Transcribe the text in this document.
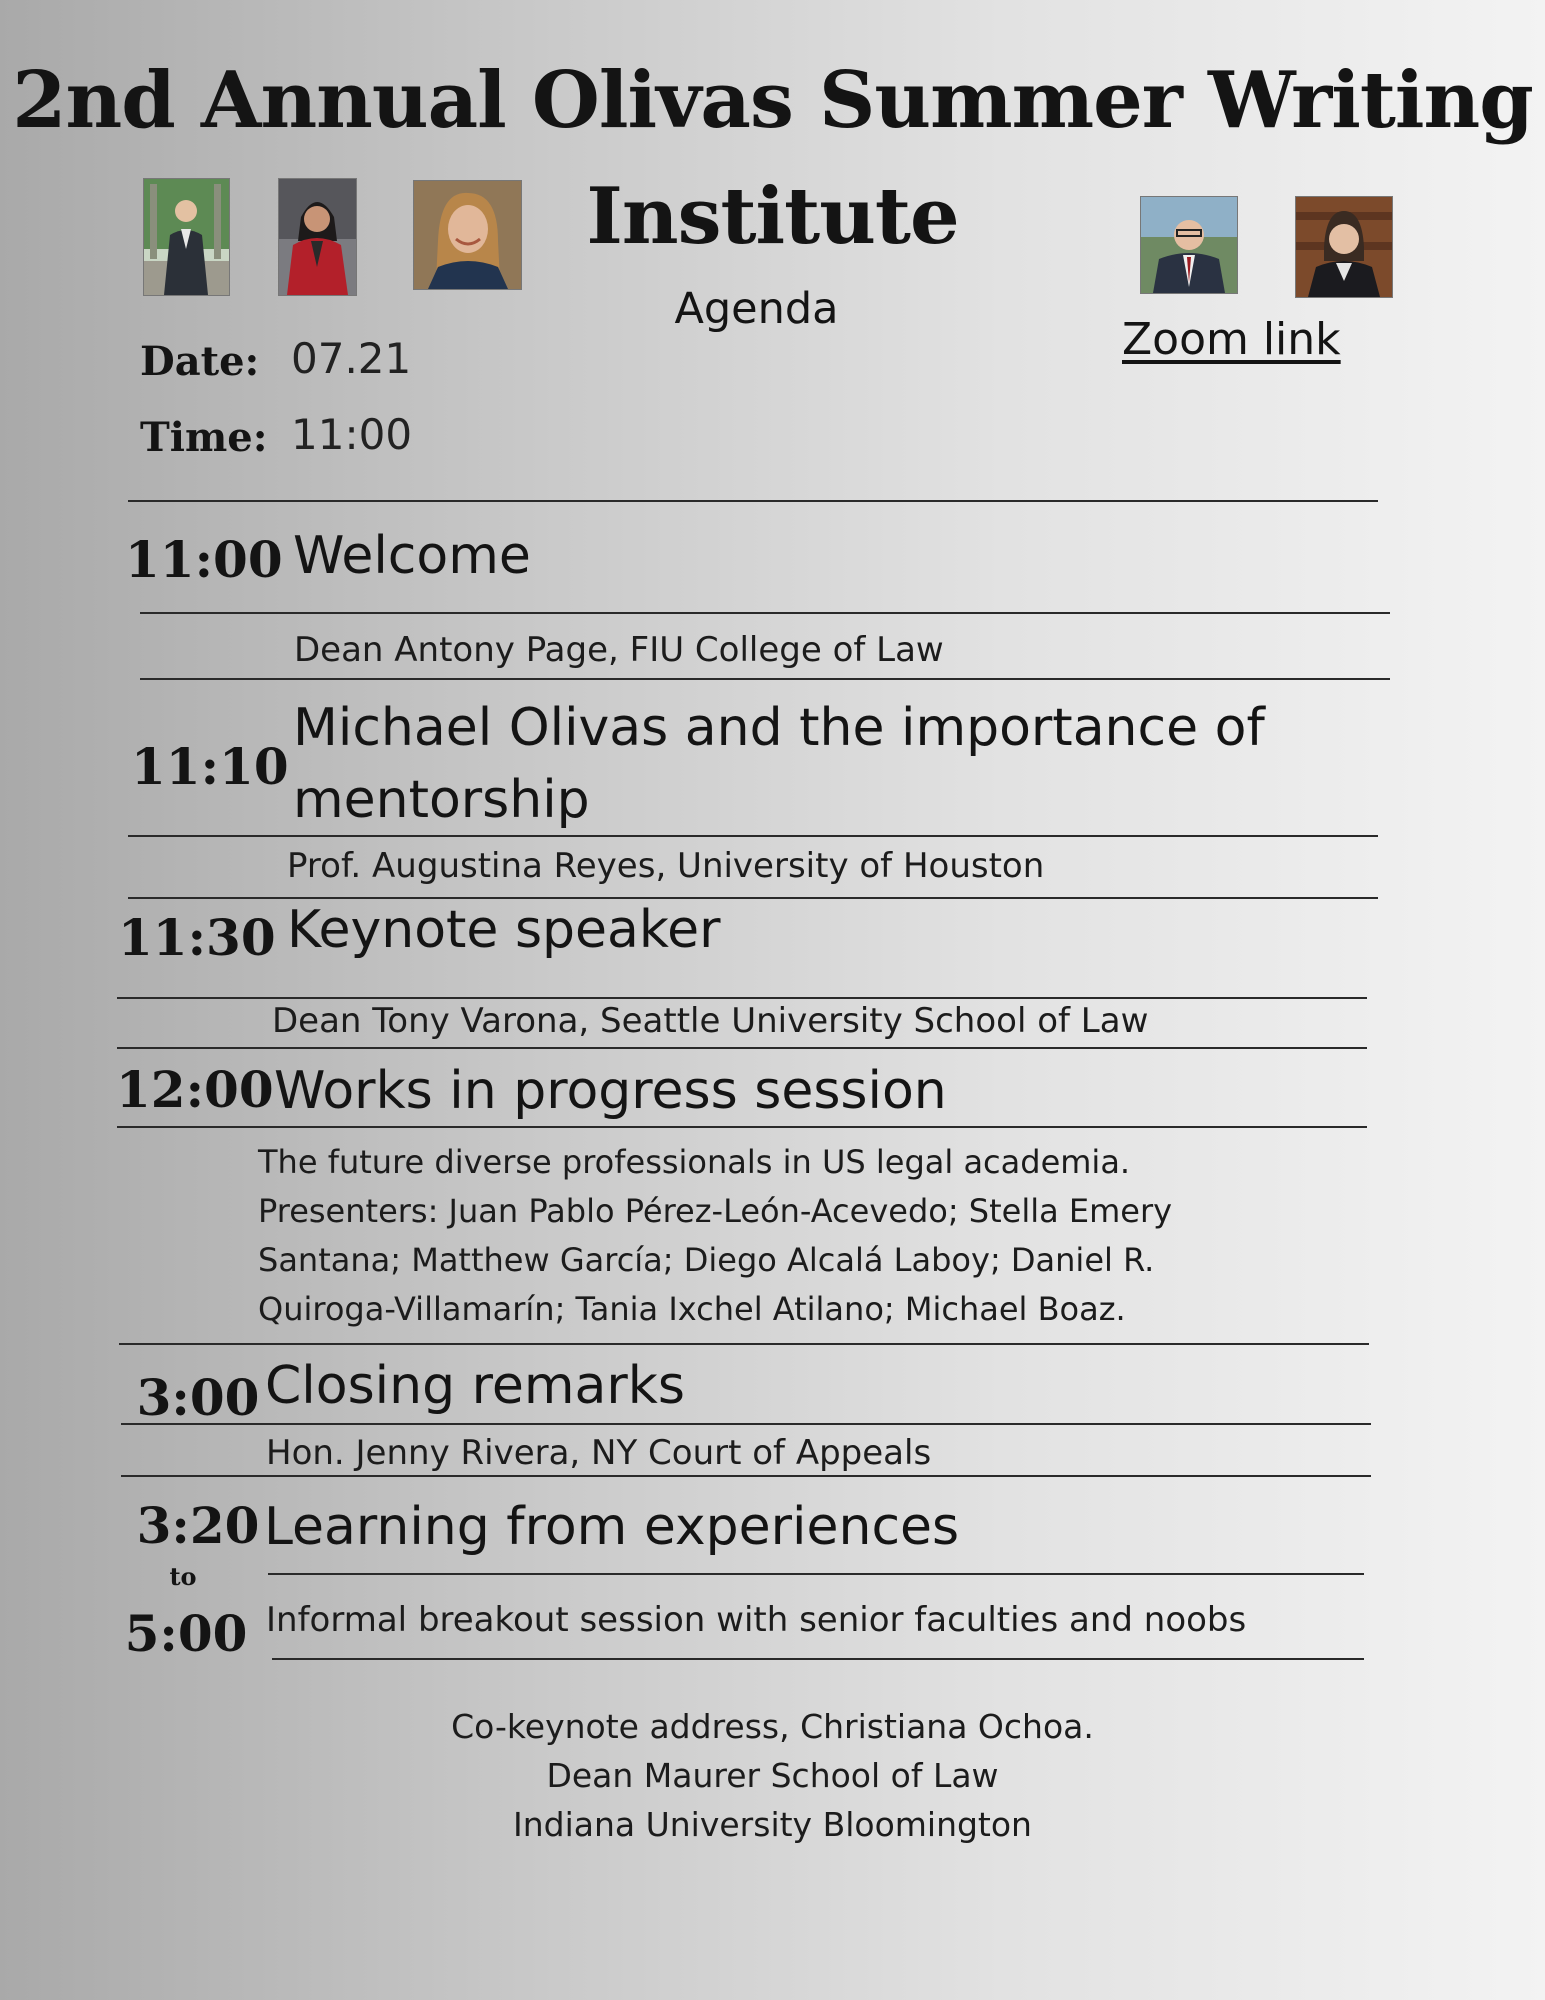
2nd Annual Olivas Summer Writing
Institute
Agenda
Zoom link
Date: 07.21
Time: 11:00
11:00 Welcome
Dean Antony Page, FIU College of Law
11:10
Michael Olivas and the importance of
mentorship
Prof. Augustina Reyes, University of Houston
11:30 Keynote speaker
Dean Tony Varona, Seattle University School of Law
12:00 Works in progress session
The future diverse professionals in US legal academia.
Presenters: Juan Pablo Pérez-León-Acevedo; Stella Emery
Santana; Matthew García; Diego Alcalá Laboy; Daniel R.
Quiroga-Villamarín; Tania Ixchel Atilano; Michael Boaz.
3:00 Closing remarks
Hon. Jenny Rivera, NY Court of Appeals
3:20
to
5:00
Learning from experiences
Informal breakout session with senior faculties and noobs
Co-keynote address, Christiana Ochoa.
Dean Maurer School of Law
Indiana University Bloomington
